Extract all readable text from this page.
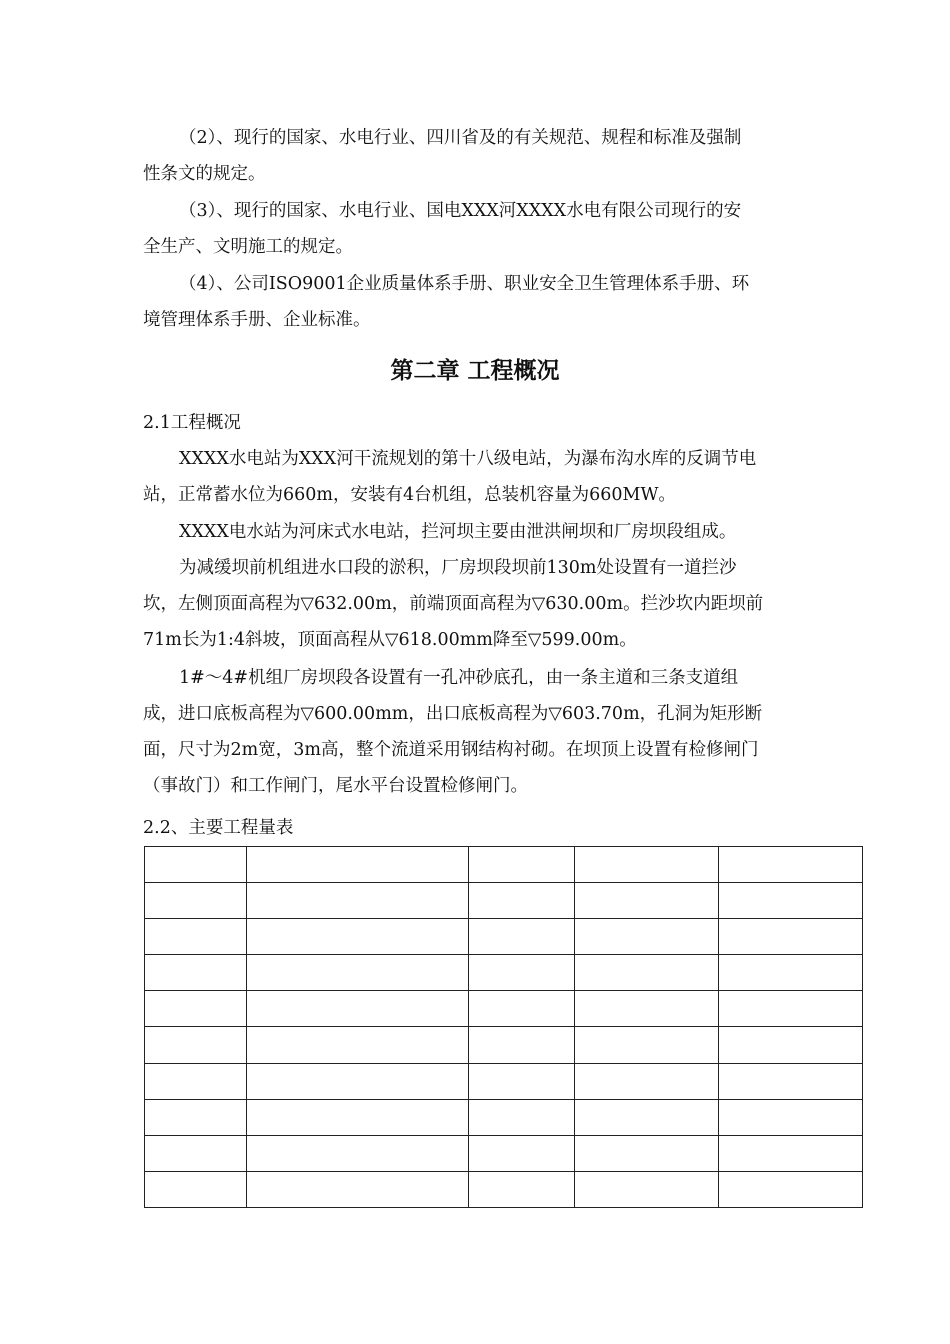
（2）、现行的国家、水电行业、四川省及的有关规范、规程和标准及强制
性条文的规定。
（3）、现行的国家、水电行业、国电XXX河XXXX水电有限公司现行的安
全生产、文明施工的规定。
（4）、公司ISO9001企业质量体系手册、职业安全卫生管理体系手册、环
境管理体系手册、企业标准。
第二章 工程概况
2.1工程概况
XXXX水电站为XXX河干流规划的第十八级电站，为瀑布沟水库的反调节电
站，正常蓄水位为660m，安装有4台机组，总装机容量为660MW。
XXXX电水站为河床式水电站，拦河坝主要由泄洪闸坝和厂房坝段组成。
为减缓坝前机组进水口段的淤积，厂房坝段坝前130m处设置有一道拦沙
坎，左侧顶面高程为▽632.00m，前端顶面高程为▽630.00m。拦沙坎内距坝前
71m长为1:4斜坡，顶面高程从▽618.00mm降至▽599.00m。
1#～4#机组厂房坝段各设置有一孔冲砂底孔，由一条主道和三条支道组
成，进口底板高程为▽600.00mm，出口底板高程为▽603.70m，孔洞为矩形断
面，尺寸为2m宽，3m高，整个流道采用钢结构衬砌。在坝顶上设置有检修闸门
（事故门）和工作闸门，尾水平台设置检修闸门。
2.2、主要工程量表
